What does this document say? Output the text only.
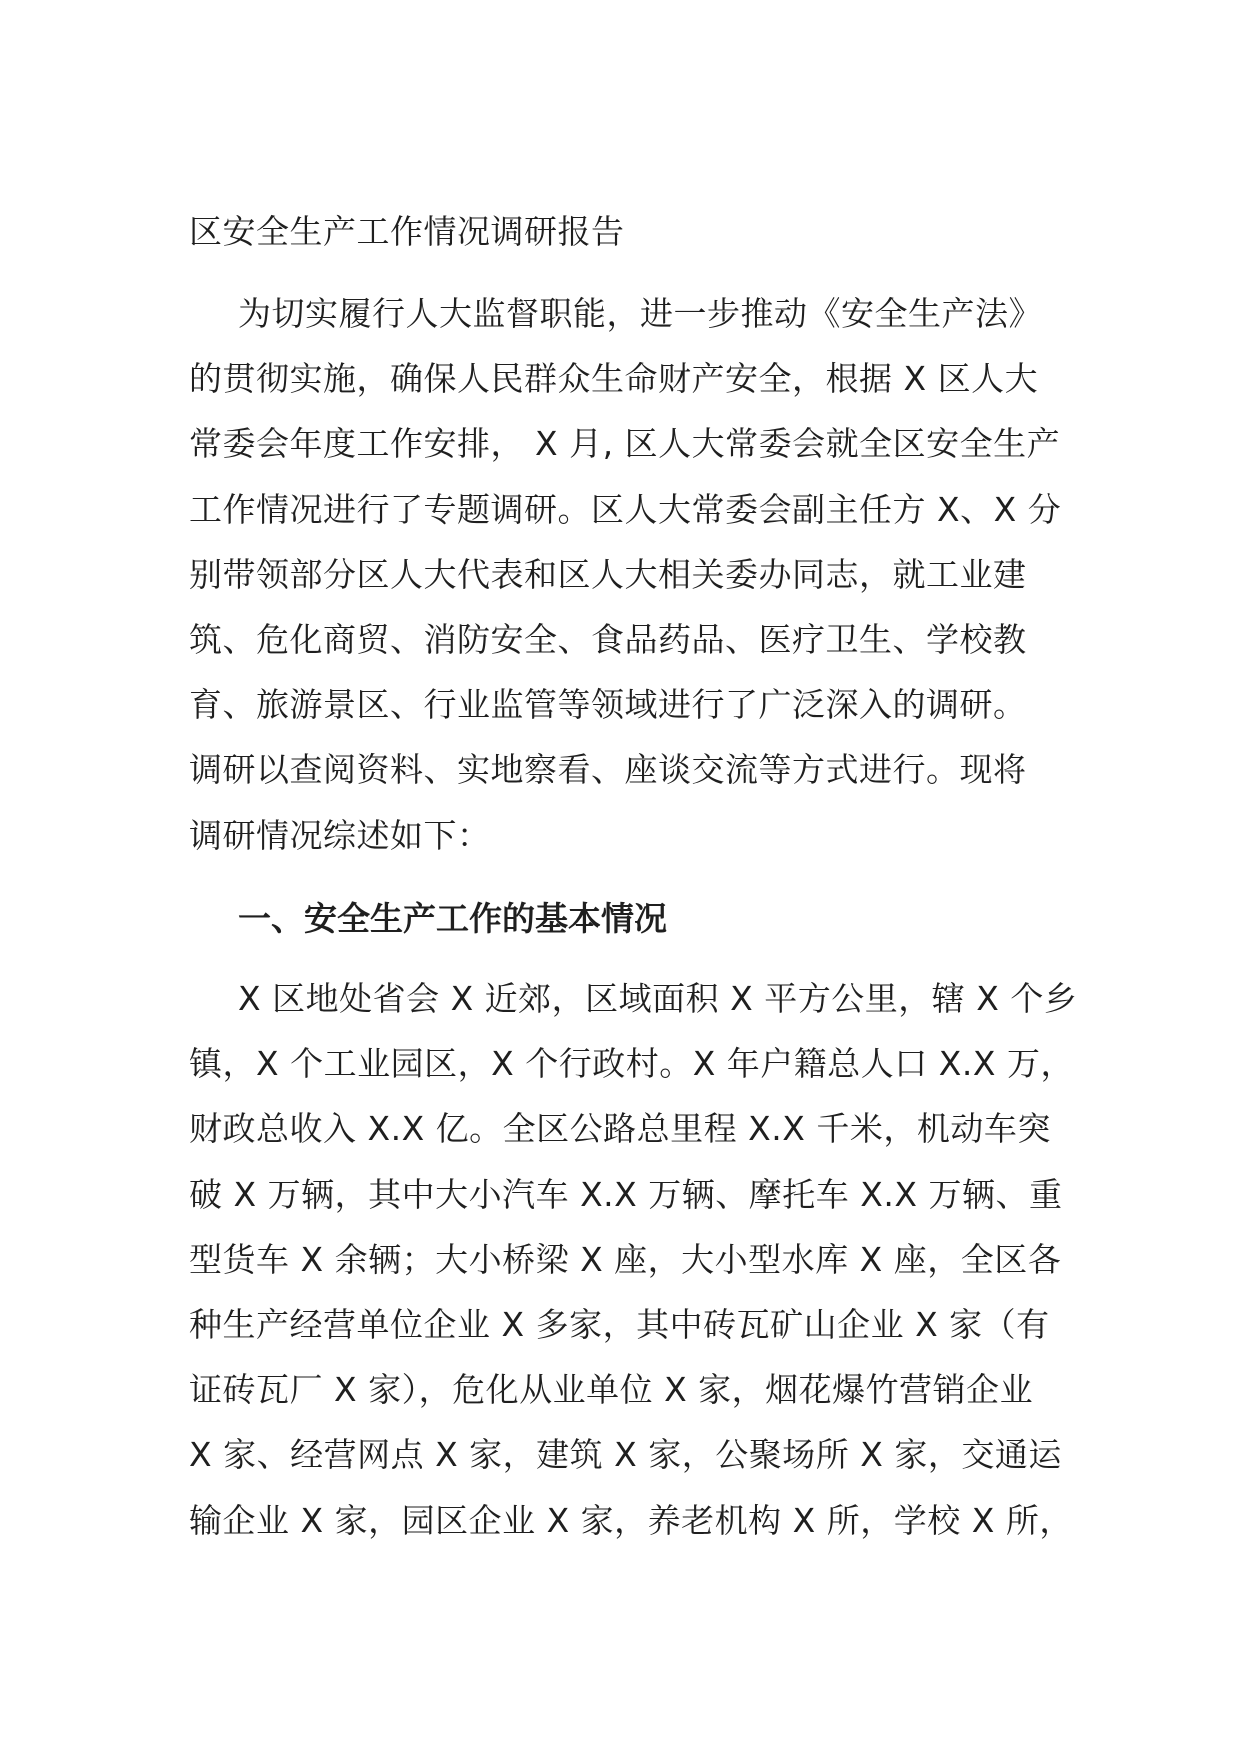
区安全生产工作情况调研报告
为切实履行人大监督职能，进一步推动《安全生产法》
的贯彻实施，确保人民群众生命财产安全，根据 X 区人大
常委会年度工作安排， X 月, 区人大常委会就全区安全生产
工作情况进行了专题调研。区人大常委会副主任方 X、X 分
别带领部分区人大代表和区人大相关委办同志，就工业建
筑、危化商贸、消防安全、食品药品、医疗卫生、学校教
育、旅游景区、行业监管等领域进行了广泛深入的调研。
调研以查阅资料、实地察看、座谈交流等方式进行。现将
调研情况综述如下：
一、安全生产工作的基本情况
X 区地处省会 X 近郊，区域面积 X 平方公里，辖 X 个乡
镇，X 个工业园区，X 个行政村。X 年户籍总人口 X.X 万，
财政总收入 X.X 亿。全区公路总里程 X.X 千米，机动车突
破 X 万辆，其中大小汽车 X.X 万辆、摩托车 X.X 万辆、重
型货车 X 余辆；大小桥梁 X 座，大小型水库 X 座，全区各
种生产经营单位企业 X 多家，其中砖瓦矿山企业 X 家（有
证砖瓦厂 X 家），危化从业单位 X 家，烟花爆竹营销企业
X 家、经营网点 X 家，建筑 X 家，公聚场所 X 家，交通运
输企业 X 家，园区企业 X 家，养老机构 X 所，学校 X 所，
